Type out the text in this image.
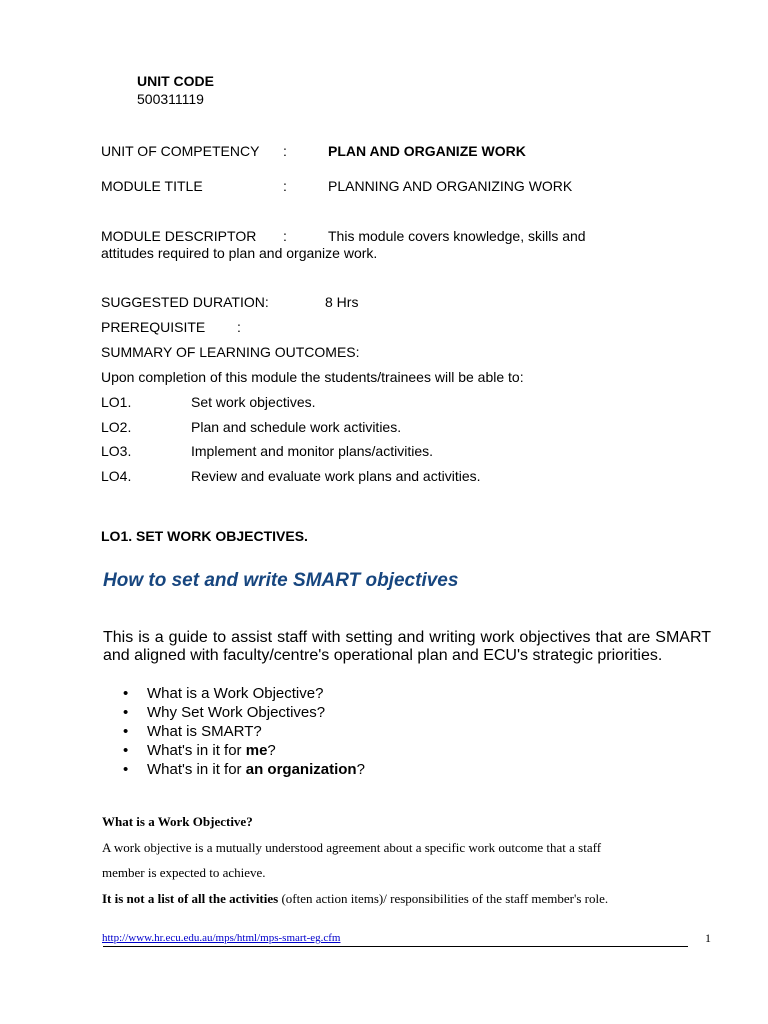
UNIT CODE
500311119
UNIT OF COMPETENCY :	PLAN AND ORGANIZE WORK
MODULE TITLE	:	PLANNING AND ORGANIZING WORK
MODULE DESCRIPTOR :	This module covers knowledge, skills and
attitudes required to plan and organize work.
SUGGESTED DURATION:	8 Hrs
PREREQUISITE :
SUMMARY OF LEARNING OUTCOMES:
Upon completion of this module the students/trainees will be able to:
LO1.	Set work objectives.
LO2.	Plan and schedule work activities.
LO3.	Implement and monitor plans/activities.
LO4.	Review and evaluate work plans and activities.
LO1. SET WORK OBJECTIVES.
How to set and write SMART objectives
This is a guide to assist staff with setting and writing work objectives that are SMART and aligned with faculty/centre's operational plan and ECU's strategic priorities.
• What is a Work Objective?
• Why Set Work Objectives?
• What is SMART?
• What's in it for me?
• What's in it for an organization?
What is a Work Objective?
A work objective is a mutually understood agreement about a specific work outcome that a staff
member is expected to achieve.
It is not a list of all the activities (often action items)/ responsibilities of the staff member's role.
http://www.hr.ecu.edu.au/mps/html/mps-smart-eg.cfm	1
